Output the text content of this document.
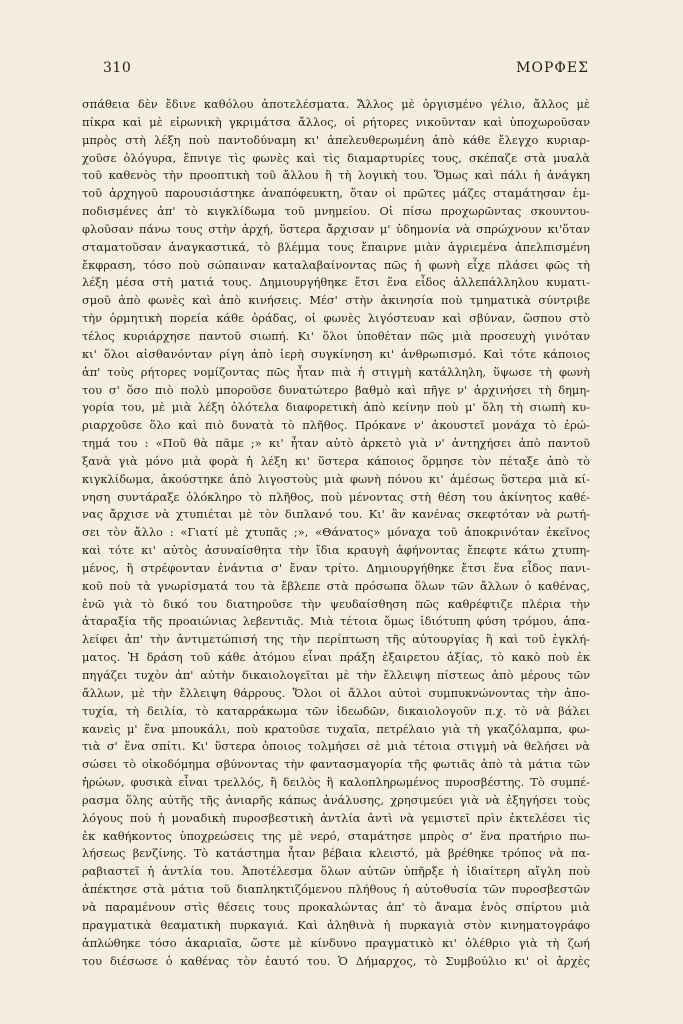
310	ΜΟΡΦΕΣ
σπάθεια δὲν ἔδινε καθόλου ἀποτελέσματα. Ἄλλος μὲ ὀργισμένο γέλιο, ἄλλος μὲ
πίκρα καὶ μὲ εἰρωνικὴ γκριμάτσα ἄλλος, οἱ ρήτορες νικοῦνταν καὶ ὑποχωροῦσαν
μπρὸς στὴ λέξη ποὺ παντοδύναμη κι' ἀπελευθερωμένη ἀπὸ κάθε ἔλεγχο κυριαρ-
χοῦσε ὁλόγυρα, ἔπνιγε τὶς φωνὲς καὶ τὶς διαμαρτυρίες τους, σκέπαζε στὰ μυαλὰ
τοῦ καθενὸς τὴν προοπτικὴ τοῦ ἄλλου ἢ τὴ λογικὴ του. Ὅμως καὶ πάλι ἡ ἀνάγκη
τοῦ ἀρχηγοῦ παρουσιάστηκε ἀναπόφευκτη, ὅταν οἱ πρῶτες μάζες σταμάτησαν ἐμ-
ποδισμένες ἀπ' τὸ κιγκλίδωμα τοῦ μνημείου. Οἱ πίσω προχωρῶντας σκουντου-
φλοῦσαν πάνω τους στὴν ἀρχή, ὕστερα ἄρχισαν μ' ὑδημονία νὰ σπρώχνουν κι'ὅταν
σταματοῦσαν ἀναγκαστικά, τὸ βλέμμα τους ἔπαιρνε μιὰν ἀγριεμένα ἀπελπισμένη
ἔκφραση, τόσο ποὺ σώπαιναν καταλαβαίνοντας πῶς ἡ φωνὴ εἶχε πλάσει φῶς τὴ
λέξη μέσα στὴ ματιά τους. Δημιουργήθηκε ἔτσι ἕνα εἶδος ἀλλεπάλληλου κυματι-
σμοῦ ἀπὸ φωνὲς καὶ ἀπὸ κινήσεις. Μέσ' στὴν ἀκινησία ποὺ τμηματικὰ σύντριβε
τὴν ὁρμητικὴ πορεία κάθε ὁράδας, οἱ φωνὲς λιγόστευαν καὶ σβύναν, ὥσπου στὸ
τέλος κυριάρχησε παντοῦ σιωπή. Κι' ὅλοι ὑποθέταν πῶς μιὰ προσευχὴ γινόταν
κι' ὅλοι αἰσθανόνταν ρίγη ἀπὸ ἱερὴ συγκίνηση κι' ἀνθρωπισμό. Καὶ τότε κάποιος
ἀπ' τοὺς ρήτορες νομίζοντας πῶς ἦταν πιὰ ἡ στιγμὴ κατάλληλη, ὕψωσε τὴ φωνὴ
του σ' ὅσο πιὸ πολὺ μποροῦσε δυνατώτερο βαθμὸ καὶ πῆγε ν' ἀρχινήσει τὴ δημη-
γορία του, μὲ μιὰ λέξη ὁλότελα διαφορετικὴ ἀπὸ κείνην ποὺ μ' ὅλη τὴ σιωπὴ κυ-
ριαρχοῦσε ὅλο καὶ πιὸ δυνατὰ τὸ πλῆθος. Πρόκανε ν' ἀκουστεῖ μονάχα τὸ ἐρώ-
τημά του : «Ποῦ θὰ πᾶμε ;» κι' ἦταν αὐτὸ ἀρκετὸ γιὰ ν' ἀντηχήσει ἀπὸ παντοῦ
ξανὰ γιὰ μόνο μιὰ φορὰ ἡ λέξη κι' ὕστερα κάποιος ὅρμησε τὸν πέταξε ἀπὸ τὸ
κιγκλίδωμα, ἀκούστηκε ἀπὸ λιγοστοὺς μιὰ φωνὴ πόνου κι' ἀμέσως ὕστερα μιὰ κί-
νηση συντάραξε ὁλόκληρο τὸ πλῆθος, ποὺ μένοντας στὴ θέση του ἀκίνητος καθέ-
νας ἄρχισε νὰ χτυπιέται μὲ τὸν διπλανό του. Κι' ἂν κανένας σκεφτόταν νὰ ρωτή-
σει τὸν ἄλλο : «Γιατί μὲ χτυπᾶς ;», «Θάνατος» μόναχα τοῦ ἀποκρινόταν ἐκεῖνος
καὶ τότε κι' αὐτὸς ἀσυναίσθητα τὴν ἴδια κραυγὴ ἀφήνοντας ἔπεφτε κάτω χτυπη-
μένος, ἢ στρέφονταν ἐνάντια σ' ἕναν τρίτο. Δημιουργήθηκε ἔτσι ἕνα εἶδος πανι-
κοῦ ποὺ τὰ γνωρίσματά του τὰ ἔβλεπε στὰ πρόσωπα ὅλων τῶν ἄλλων ὁ καθένας,
ἐνῶ γιὰ τὸ δικό του διατηροῦσε τὴν ψευδαίσθηση πῶς καθρέφτιζε πλέρια τὴν
ἀταραξία τῆς προαιώνιας λεβεντιᾶς. Μιὰ τέτοια ὅμως ἰδιότυπη φύση τρόμου, ἀπα-
λείφει ἀπ' τὴν ἀντιμετώπισή της τὴν περίπτωση τῆς αὐτουργίας ἢ καὶ τοῦ ἐγκλή-
ματος. Ἡ δράση τοῦ κάθε ἀτόμου εἶναι πράξη ἐξαιρετου ἀξίας, τὸ κακὸ ποὺ ἐκ
πηγάζει τυχὸν ἀπ' αὐτὴν δικαιολογεῖται μὲ τὴν ἔλλειψη πίστεως ἀπὸ μέρους τῶν
ἄλλων, μὲ τὴν ἔλλειψη θάρρους. Ὅλοι οἱ ἄλλοι αὐτοὶ συμπυκνώνοντας τὴν ἀπο-
τυχία, τὴ δειλία, τὸ καταρράκωμα τῶν ἰδεωδῶν, δικαιολογοῦν π.χ. τὸ νὰ βάλει
κανεὶς μ' ἕνα μπουκάλι, ποὺ κρατοῦσε τυχαῖα, πετρέλαιο γιὰ τὴ γκαζόλαμπα, φω-
τιὰ σ' ἕνα σπίτι. Κι' ὕστερα ὁποιος τολμήσει σὲ μιὰ τέτοια στιγμὴ νὰ θελήσει νὰ
σώσει τὸ οἰκοδόμημα σβύνοντας τὴν φαντασμαγορία τῆς φωτιᾶς ἀπὸ τὰ μάτια τῶν
ἡρώων, φυσικὰ εἶναι τρελλός, ἢ δειλὸς ἢ καλοπληρωμένος πυροσβέστης. Τὸ συμπέ-
ρασμα ὅλης αὐτῆς τῆς ἀνιαρῆς κάπως ἀνάλυσης, χρησιμεύει γιὰ νὰ ἐξηγήσει τοὺς
λόγους ποὺ ἡ μοναδικὴ πυροσβεστικὴ ἀντλία ἀντὶ νὰ γεμιστεῖ πρὶν ἐκτελέσει τὶς
ἐκ καθήκοντος ὑποχρεώσεις της μὲ νερό, σταμάτησε μπρὸς σ' ἕνα πρατήριο πω-
λήσεως βενζίνης. Τὸ κατάστημα ἦταν βέβαια κλειστό, μὰ βρέθηκε τρόπος νὰ πα-
ραβιαστεῖ ἡ ἀντλία του. Ἀποτέλεσμα ὅλων αὐτῶν ὑπῆρξε ἡ ἰδιαίτερη αἴγλη ποὺ
ἀπέκτησε στὰ μάτια τοῦ διαπληκτιζόμενου πλήθους ἡ αὐτοθυσία τῶν πυροσβεστῶν
νὰ παραμένουν στὶς θέσεις τους προκαλώντας ἀπ' τὸ ἄναμα ἑνὸς σπίρτου μιὰ
πραγματικὰ θεαματικὴ πυρκαγιά. Καὶ ἀληθινὰ ἡ πυρκαγιὰ στὸν κινηματογράφο
ἁπλώθηκε τόσο ἀκαριαῖα, ὥστε μὲ κίνδυνο πραγματικὸ κι' ὁλέθριο γιὰ τὴ ζωή
του διέσωσε ὁ καθένας τὸν ἑαυτό του. Ὁ Δήμαρχος, τὸ Συμβούλιο κι' οἱ ἀρχὲς
